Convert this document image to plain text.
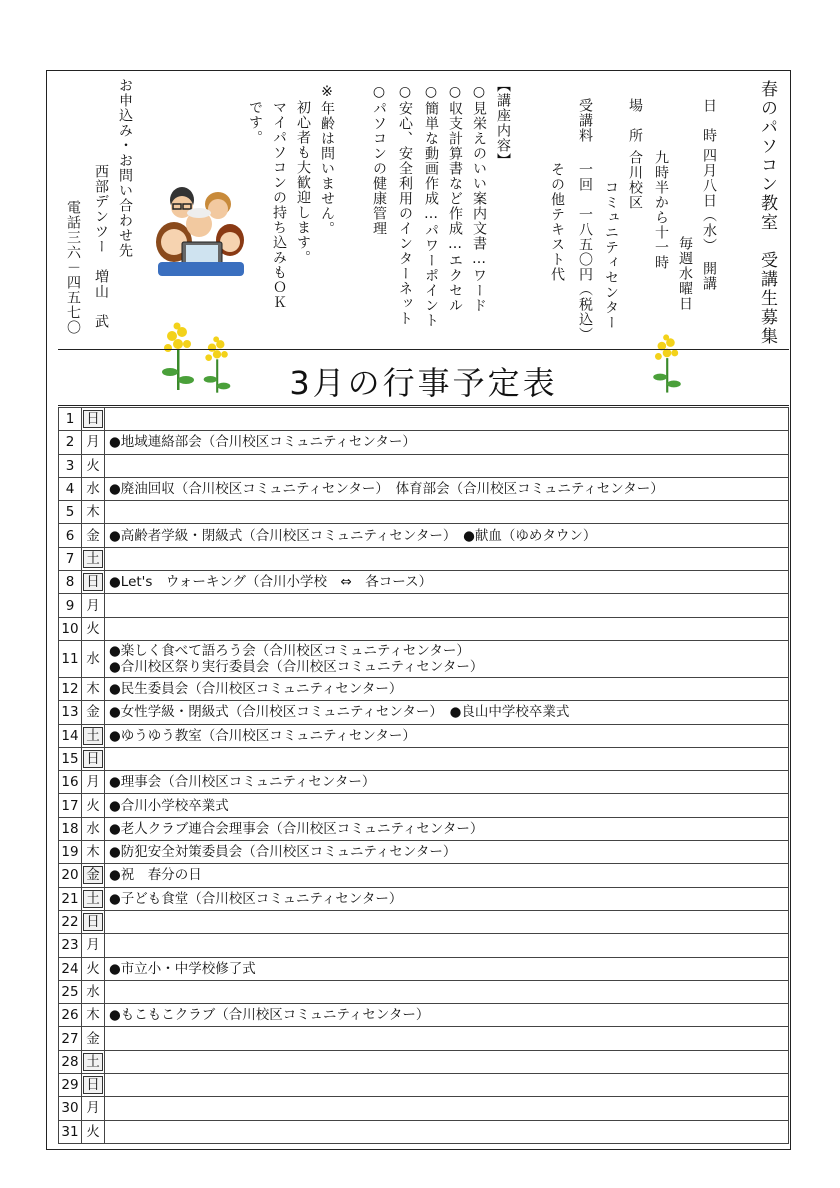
春のパソコン教室　受講生募集
日　時
四月八日（水）　開講
毎週水曜日
九時半から十一時
場　所
合川校区
コミュニティセンター
受講料
一回　一八五〇円（税込）
その他テキスト代
【講座内容】
○見栄えのいい案内文書…ワード
○収支計算書など作成…エクセル
○簡単な動画作成…パワーポイント
○安心、安全利用のインターネット
○パソコンの健康管理
※年齢は問いません。
初心者も大歓迎します。
マイパソコンの持ち込みもＯＫ
です。
お申込み・お問い合わせ先
西部デンツー　増山　武
電話三六－四五七〇
3月の行事予定表
1	日	
2	月	●地域連絡部会（合川校区コミュニティセンター）

3	火	
4	水	●廃油回収（合川校区コミュニティセンター）　体育部会（合川校区コミュニティセンター）

5	木	
6	金	●高齢者学級・閉級式（合川校区コミュニティセンター）　●献血（ゆめタウン）

7	土	
8	日	●Let's　ウォーキング（合川小学校　⇔　各コース）

9	月	
10	火	
11	水	●楽しく食べて語ろう会（合川校区コミュニティセンター）
●合川校区祭り実行委員会（合川校区コミュニティセンター）

12	木	●民生委員会（合川校区コミュニティセンター）

13	金	●女性学級・閉級式（合川校区コミュニティセンター）　●良山中学校卒業式

14	土	●ゆうゆう教室（合川校区コミュニティセンター）

15	日	
16	月	●理事会（合川校区コミュニティセンター）

17	火	●合川小学校卒業式

18	水	●老人クラブ連合会理事会（合川校区コミュニティセンター）

19	木	●防犯安全対策委員会（合川校区コミュニティセンター）

20	金	●祝　春分の日

21	土	●子ども食堂（合川校区コミュニティセンター）

22	日	
23	月	
24	火	●市立小・中学校修了式

25	水	
26	木	●もこもこクラブ（合川校区コミュニティセンター）

27	金	
28	土	
29	日	
30	月	
31	火	
